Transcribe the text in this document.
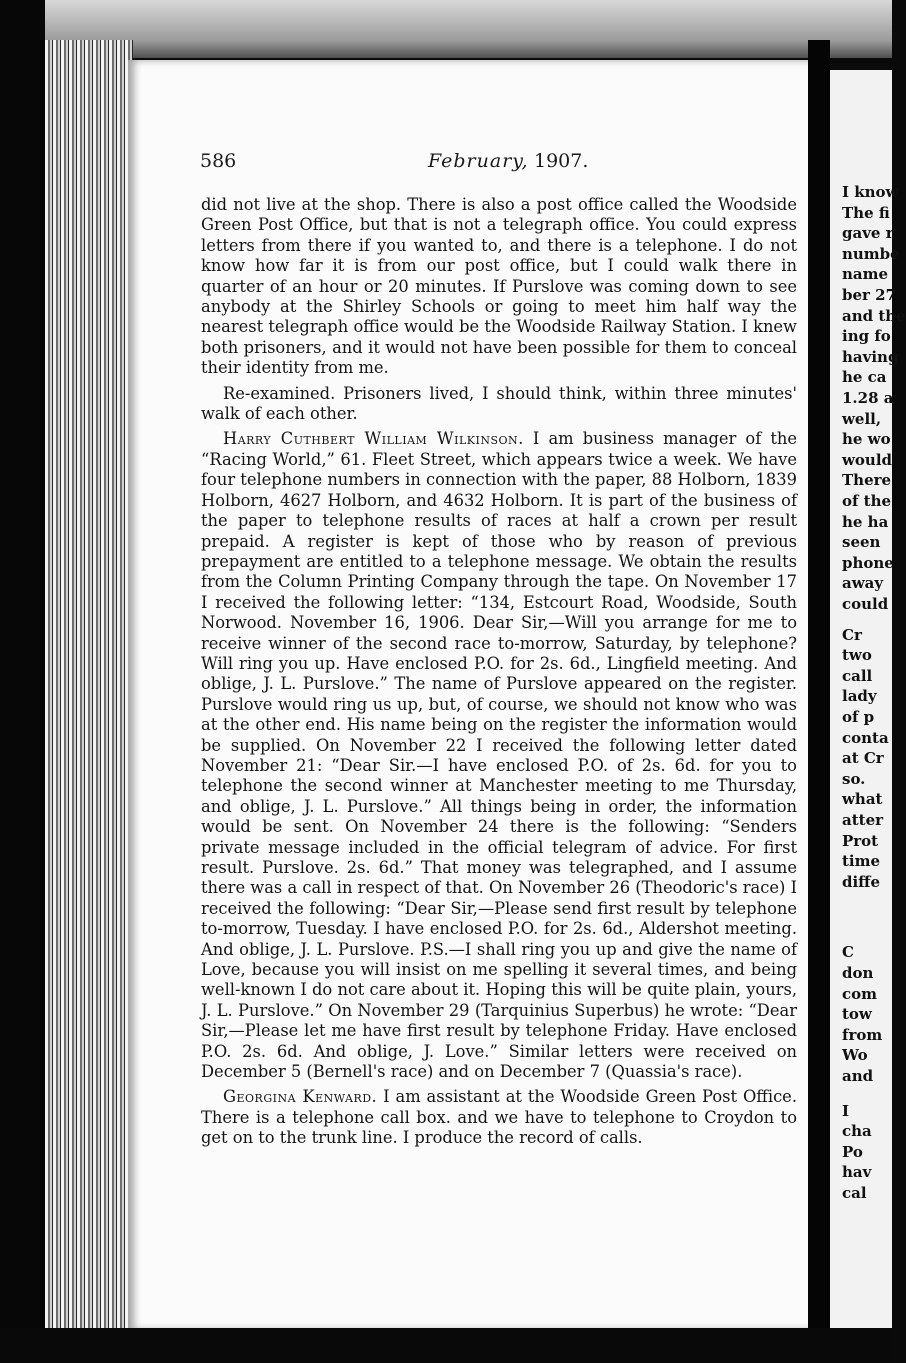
I know
The fi
gave r
numbe
name
ber 27
and the
ing fo
having
he ca
1.28 a
well,
he wo
would
There
of the
he ha
seen
phone
away
could
Cr
two
call
lady
of p
conta
at Cr
so.
what
atter
Prot
time
diffe
C
don
com
tow
from
Wo
and
I
cha
Po
hav
cal
586	February, 1907.

did not live at the shop. There is also a post office called the Woodside Green Post Office, but that is not a telegraph office. You could express letters from there if you wanted to, and there is a telephone. I do not know how far it is from our post office, but I could walk there in quarter of an hour or 20 minutes. If Purslove was coming down to see anybody at the Shirley Schools or going to meet him half way the nearest telegraph office would be the Woodside Railway Station. I knew both prisoners, and it would not have been possible for them to conceal their identity from me.

Re-examined. Prisoners lived, I should think, within three minutes' walk of each other.

Harry Cuthbert William Wilkinson. I am business manager of the “Racing World,” 61. Fleet Street, which appears twice a week. We have four telephone numbers in connection with the paper, 88 Holborn, 1839 Holborn, 4627 Holborn, and 4632 Holborn. It is part of the business of the paper to telephone results of races at half a crown per result prepaid. A register is kept of those who by reason of previous prepayment are entitled to a telephone message. We obtain the results from the Column Printing Company through the tape. On November 17 I received the following letter: “134, Estcourt Road, Woodside, South Norwood. November 16, 1906. Dear Sir,—Will you arrange for me to receive winner of the second race to-morrow, Saturday, by telephone? Will ring you up. Have enclosed P.O. for 2s. 6d., Lingfield meeting. And oblige, J. L. Purslove.” The name of Purslove appeared on the register. Purslove would ring us up, but, of course, we should not know who was at the other end. His name being on the register the information would be supplied. On November 22 I received the following letter dated November 21: “Dear Sir.—I have enclosed P.O. of 2s. 6d. for you to telephone the second winner at Manchester meeting to me Thursday, and oblige, J. L. Purslove.” All things being in order, the information would be sent. On November 24 there is the following: “Senders private message included in the official telegram of advice. For first result. Purslove. 2s. 6d.” That money was telegraphed, and I assume there was a call in respect of that. On November 26 (Theodoric's race) I received the following: “Dear Sir,—Please send first result by telephone to-morrow, Tuesday. I have enclosed P.O. for 2s. 6d., Aldershot meeting. And oblige, J. L. Purslove. P.S.—I shall ring you up and give the name of Love, because you will insist on me spelling it several times, and being well-known I do not care about it. Hoping this will be quite plain, yours, J. L. Purslove.” On November 29 (Tarquinius Superbus) he wrote: “Dear Sir,—Please let me have first result by telephone Friday. Have enclosed P.O. 2s. 6d. And oblige, J. Love.” Similar letters were received on December 5 (Bernell's race) and on December 7 (Quassia's race).

Georgina Kenward. I am assistant at the Woodside Green Post Office. There is a telephone call box. and we have to telephone to Croydon to get on to the trunk line. I produce the record of calls.
